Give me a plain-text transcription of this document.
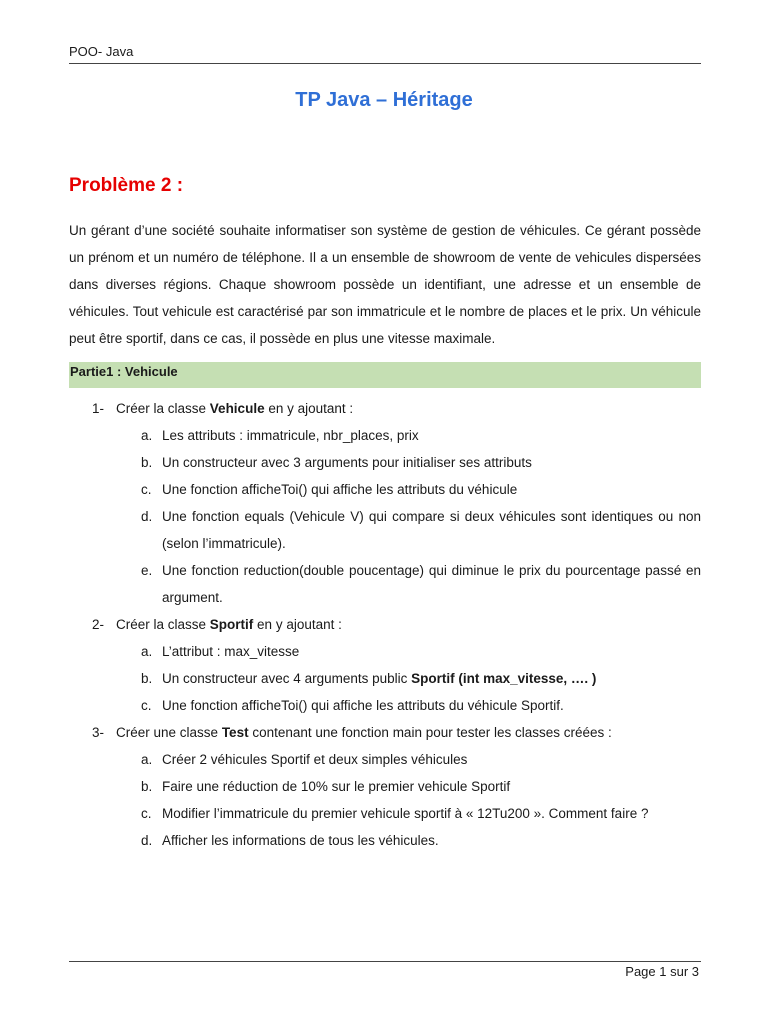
POO- Java
TP Java – Héritage
Problème 2 :

Un gérant d’une société souhaite informatiser son système de gestion de véhicules. Ce gérant possède un prénom et un numéro de téléphone. Il a un ensemble de showroom de vente de vehicules dispersées dans diverses régions. Chaque showroom possède un identifiant, une adresse et un ensemble de véhicules. Tout vehicule est caractérisé par son immatricule et le nombre de places et le prix. Un véhicule peut être sportif, dans ce cas, il possède en plus une vitesse maximale.

Partie1 : Vehicule
1- Créer la classe Vehicule en y ajoutant :
a. Les attributs : immatricule, nbr_places, prix
b. Un constructeur avec 3 arguments pour initialiser ses attributs
c. Une fonction afficheToi() qui affiche les attributs du véhicule
d. Une fonction equals (Vehicule V) qui compare si deux véhicules sont identiques ou non (selon l’immatricule).
e. Une fonction reduction(double poucentage) qui diminue le prix du pourcentage passé en argument.
2- Créer la classe Sportif en y ajoutant :
a. L’attribut : max_vitesse
b. Un constructeur avec 4 arguments public Sportif (int max_vitesse, …. )
c. Une fonction afficheToi() qui affiche les attributs du véhicule Sportif.
3- Créer une classe Test contenant une fonction main pour tester les classes créées :
a. Créer 2 véhicules Sportif et deux simples véhicules
b. Faire une réduction de 10% sur le premier vehicule Sportif
c. Modifier l’immatricule du premier vehicule sportif à « 12Tu200 ». Comment faire ?
d. Afficher les informations de tous les véhicules.
Page 1 sur 3
